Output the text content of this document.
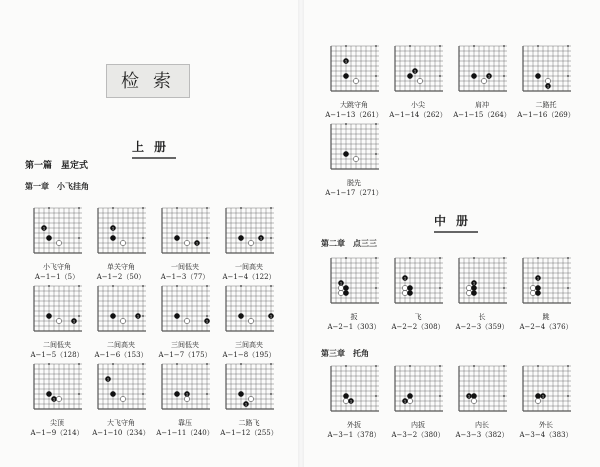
检索
上册
第一篇　星定式
第一章　小飞挂角
中册
第二章　点三三
第三章　托角
1
小飞守角
A−1−1（5）
1
单关守角
A−1−2（50）
1
一间低夹
A−1−3（77）
1
一间高夹
A−1−4（122）
1
二间低夹
A−1−5（128）
1
二间高夹
A−1−6（153）
1
三间低夹
A−1−7（175）
1
三间高夹
A−1−8（195）
1
尖顶
A−1−9（214）
1
大飞守角
A−1−10（234）
1
靠压
A−1−11（240）
1
二路飞
A−1−12（255）
1
大跳守角
A−1−13（261）
1
小尖
A−1−14（262）
1
肩冲
A−1−15（264）
1
二路托
A−1−16（269）
脱先
A−1−17（271）
1
扳
A−2−1（303）
1
飞
A−2−2（308）
1
长
A−2−3（359）
1
跳
A−2−4（376）
1
外扳
A−3−1（378）
1
内扳
A−3−2（380）
1
内长
A−3−3（382）
1
外长
A−3−4（383）
